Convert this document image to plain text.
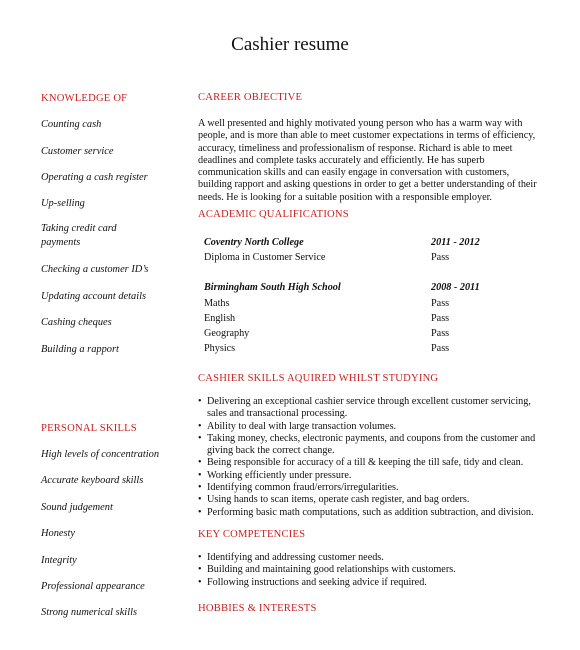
Cashier resume
KNOWLEDGE OF
Counting cash
Customer service
Operating a cash register
Up-selling
Taking credit card payments
Checking a customer ID’s
Updating account details
Cashing cheques
Building a rapport
PERSONAL SKILLS
High levels of concentration
Accurate keyboard skills
Sound judgement
Honesty
Integrity
Professional appearance
Strong numerical skills
CAREER OBJECTIVE
A well presented and highly motivated young person who has a warm way with people, and is more than able to meet customer expectations in terms of efficiency, accuracy, timeliness and professionalism of response. Richard is able to meet deadlines and complete tasks accurately and efficiently. He has superb communication skills and can easily engage in conversation with customers, building rapport and asking questions in order to get a better understanding of their needs. He is looking for a suitable position with a responsible employer.
ACADEMIC QUALIFICATIONS
Coventry North College	2011 - 2012
Diploma in Customer Service	Pass
Birmingham South High School	2008 - 2011
Maths	Pass
English	Pass
Geography	Pass
Physics	Pass
CASHIER SKILLS AQUIRED WHILST STUDYING
• Delivering an exceptional cashier service through excellent customer servicing, sales and transactional processing.
• Ability to deal with large transaction volumes.
• Taking money, checks, electronic payments, and coupons from the customer and giving back the correct change.
• Being responsible for accuracy of a till & keeping the till safe, tidy and clean.
• Working efficiently under pressure.
• Identifying common fraud/errors/irregularities.
• Using hands to scan items, operate cash register, and bag orders.
• Performing basic math computations, such as addition subtraction, and division.
KEY COMPETENCIES
• Identifying and addressing customer needs.
• Building and maintaining good relationships with customers.
• Following instructions and seeking advice if required.
HOBBIES & INTERESTS
